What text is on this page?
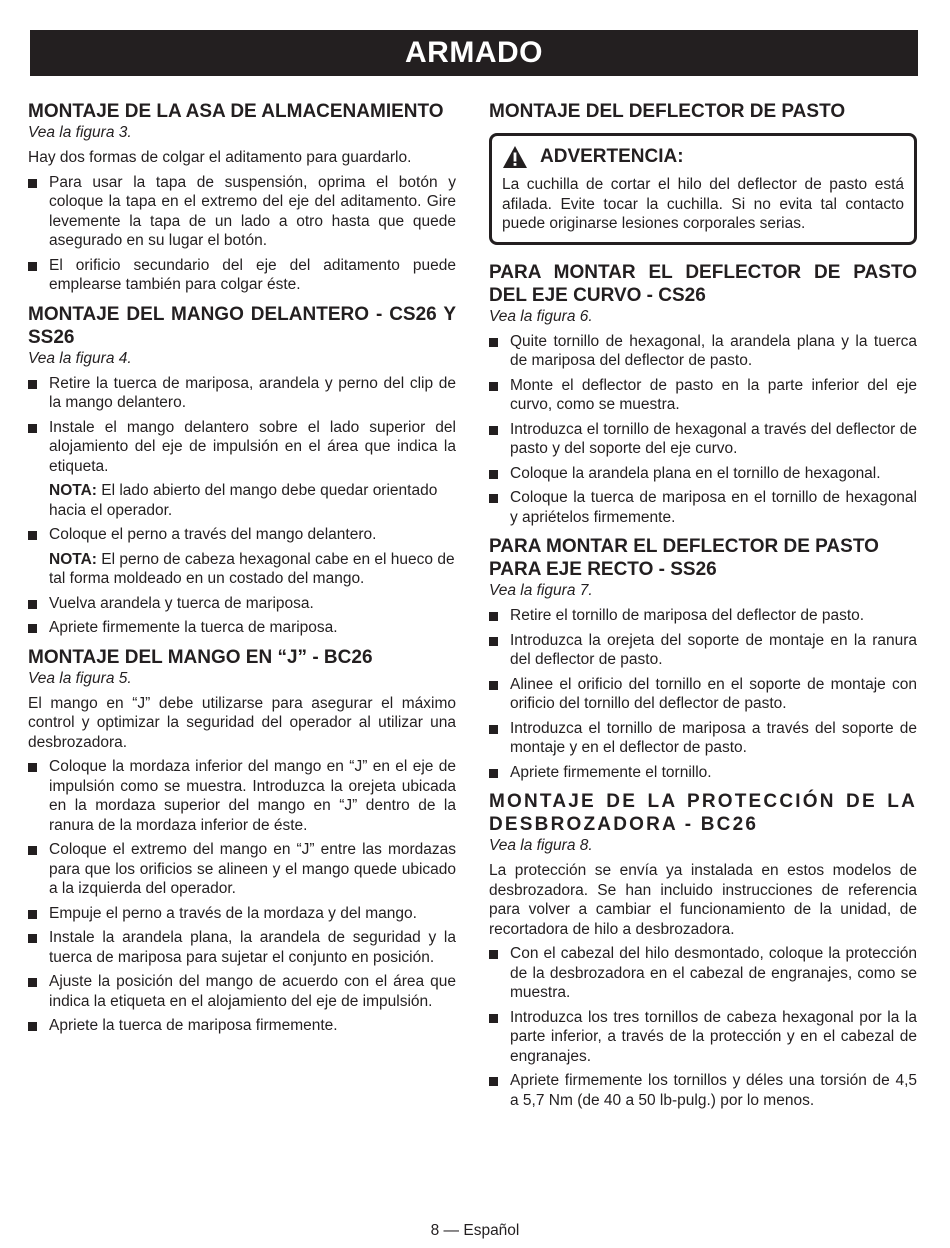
ARMADO
MONTAJE DE LA ASA DE ALMACENAMIENTO
Vea la figura 3.

Hay dos formas de colgar el aditamento para guardarlo.

Para usar la tapa de suspensión, oprima el botón y coloque la tapa en el extremo del eje del aditamento. Gire levemente la tapa de un lado a otro hasta que quede asegurado en su lugar el botón.
El orificio secundario del eje del aditamento puede emplearse también para colgar éste.
MONTAJE DEL MANGO DELANTERO - CS26 Y SS26
Vea la figura 4.
Retire la tuerca de mariposa, arandela y perno del clip de la mango delantero.
Instale el mango delantero sobre el lado superior del alojamiento del eje de impulsión en el área que indica la etiqueta.
NOTA: El lado abierto del mango debe quedar orientado hacia el operador.
Coloque el perno a través del mango delantero.
NOTA: El perno de cabeza hexagonal cabe en el hueco de tal forma moldeado en un costado del mango.
Vuelva arandela y tuerca de mariposa.
Apriete firmemente la tuerca de mariposa.
MONTAJE DEL MANGO EN “J” - BC26
Vea la figura 5.

El mango en “J” debe utilizarse para asegurar el máximo control y optimizar la seguridad del operador al utilizar una desbrozadora.

Coloque la mordaza inferior del mango en “J” en el eje de impulsión como se muestra. Introduzca la orejeta ubicada en la mordaza superior del mango en “J” dentro de la ranura de la mordaza inferior de éste.
Coloque el extremo del mango en “J” entre las mordazas para que los orificios se alineen y el mango quede ubicado a la izquierda del operador.
Empuje el perno a través de la mordaza y del mango.
Instale la arandela plana, la arandela de seguridad y la tuerca de mariposa para sujetar el conjunto en posición.
Ajuste la posición del mango de acuerdo con el área que indica la etiqueta en el alojamiento del eje de impulsión.
Apriete la tuerca de mariposa firmemente.
MONTAJE DEL DEFLECTOR DE PASTO
ADVERTENCIA:

La cuchilla de cortar el hilo del deflector de pasto está afilada. Evite tocar la cuchilla. Si no evita tal contacto puede originarse lesiones corporales serias.

PARA MONTAR EL DEFLECTOR DE PASTO DEL EJE CURVO - CS26
Vea la figura 6.
Quite tornillo de hexagonal, la arandela plana y la tuerca de mariposa del deflector de pasto.
Monte el deflector de pasto en la parte inferior del eje curvo, como se muestra.
Introduzca el tornillo de hexagonal a través del deflector de pasto y del soporte del eje curvo.
Coloque la arandela plana en el tornillo de hexagonal.
Coloque la tuerca de mariposa en el tornillo de hexagonal y apriételos firmemente.
PARA MONTAR EL DEFLECTOR DE PASTO PARA EJE RECTO - SS26
Vea la figura 7.
Retire el tornillo de mariposa del deflector de pasto.
Introduzca la orejeta del soporte de montaje en la ranura del deflector de pasto.
Alinee el orificio del tornillo en el soporte de montaje con orificio del tornillo del deflector de pasto.
Introduzca el tornillo de mariposa a través del soporte de montaje y en el deflector de pasto.
Apriete firmemente el tornillo.
MONTAJE DE LA PROTECCIÓN DE LA DESBROZADORA - BC26
Vea la figura 8.

La protección se envía ya instalada en estos modelos de desbrozadora. Se han incluido instrucciones de referencia para volver a cambiar el funcionamiento de la unidad, de recortadora de hilo a desbrozadora.

Con el cabezal del hilo desmontado, coloque la protección de la desbrozadora en el cabezal de engranajes, como se muestra.
Introduzca los tres tornillos de cabeza hexagonal por la la parte inferior, a través de la protección y en el cabezal de engranajes.
Apriete firmemente los tornillos y déles una torsión de 4,5 a 5,7 Nm (de 40 a 50 lb-pulg.) por lo menos.
8 — Español
